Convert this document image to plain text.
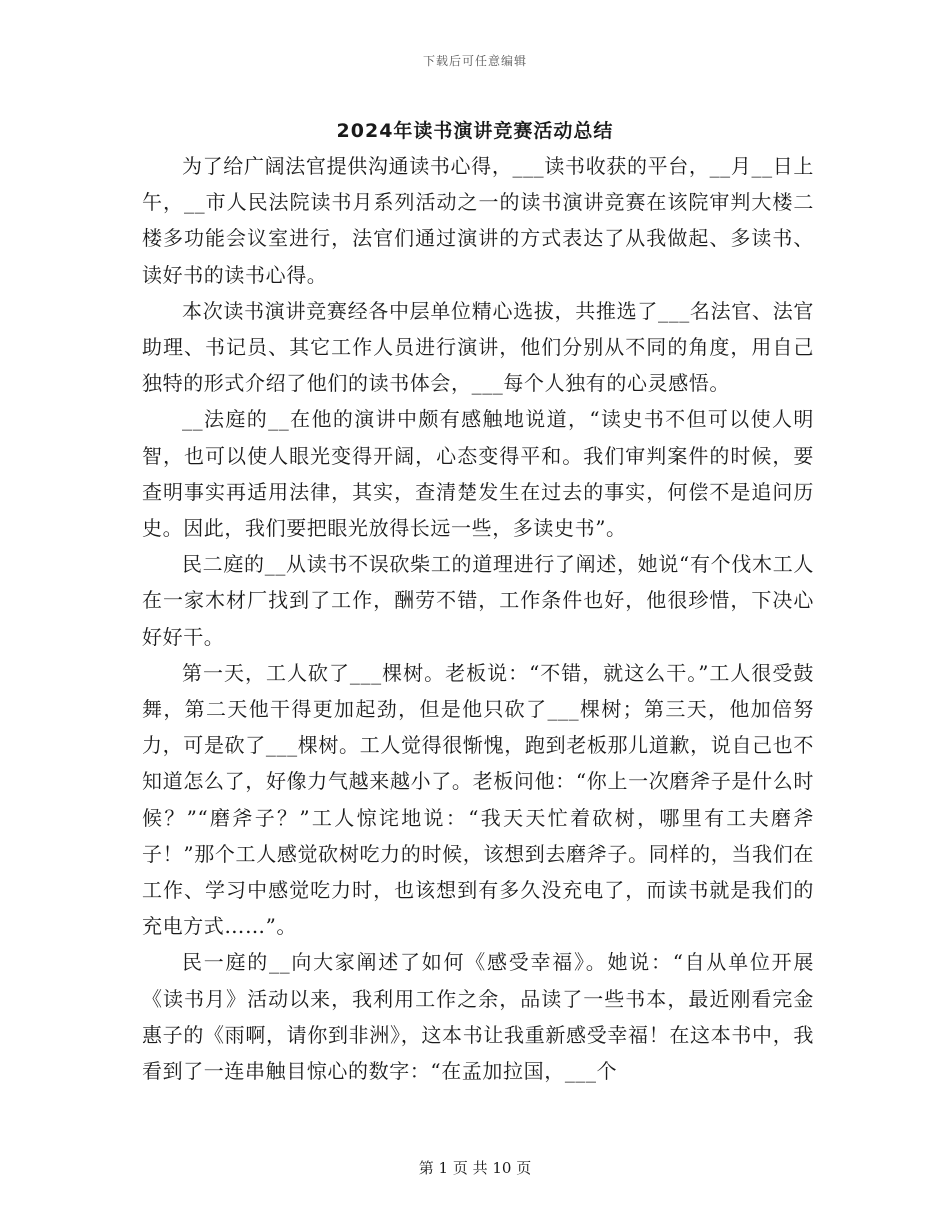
下载后可任意编辑
2024年读书演讲竞赛活动总结

为了给广阔法官提供沟通读书心得，___读书收获的平台，__月__日上午，__市人民法院读书月系列活动之一的读书演讲竞赛在该院审判大楼二楼多功能会议室进行，法官们通过演讲的方式表达了从我做起、多读书、读好书的读书心得。

本次读书演讲竞赛经各中层单位精心选拔，共推选了___名法官、法官助理、书记员、其它工作人员进行演讲，他们分别从不同的角度，用自己独特的形式介绍了他们的读书体会，___每个人独有的心灵感悟。

__法庭的__在他的演讲中颇有感触地说道，“读史书不但可以使人明智，也可以使人眼光变得开阔，心态变得平和。我们审判案件的时候，要查明事实再适用法律，其实，查清楚发生在过去的事实，何偿不是追问历史。因此，我们要把眼光放得长远一些，多读史书”。

民二庭的__从读书不误砍柴工的道理进行了阐述，她说“有个伐木工人在一家木材厂找到了工作，酬劳不错，工作条件也好，他很珍惜，下决心好好干。

第一天，工人砍了___棵树。老板说：“不错，就这么干。”工人很受鼓舞，第二天他干得更加起劲，但是他只砍了___棵树；第三天，他加倍努力，可是砍了___棵树。工人觉得很惭愧，跑到老板那儿道歉，说自己也不知道怎么了，好像力气越来越小了。老板问他：“你上一次磨斧子是什么时候？”“磨斧子？”工人惊诧地说：“我天天忙着砍树，哪里有工夫磨斧子！”那个工人感觉砍树吃力的时候，该想到去磨斧子。同样的，当我们在工作、学习中感觉吃力时，也该想到有多久没充电了，而读书就是我们的充电方式……”。

民一庭的__向大家阐述了如何《感受幸福》。她说：“自从单位开展《读书月》活动以来，我利用工作之余，品读了一些书本，最近刚看完金惠子的《雨啊，请你到非洲》，这本书让我重新感受幸福！在这本书中，我看到了一连串触目惊心的数字：“在孟加拉国，___个

第 1 页 共 10 页
